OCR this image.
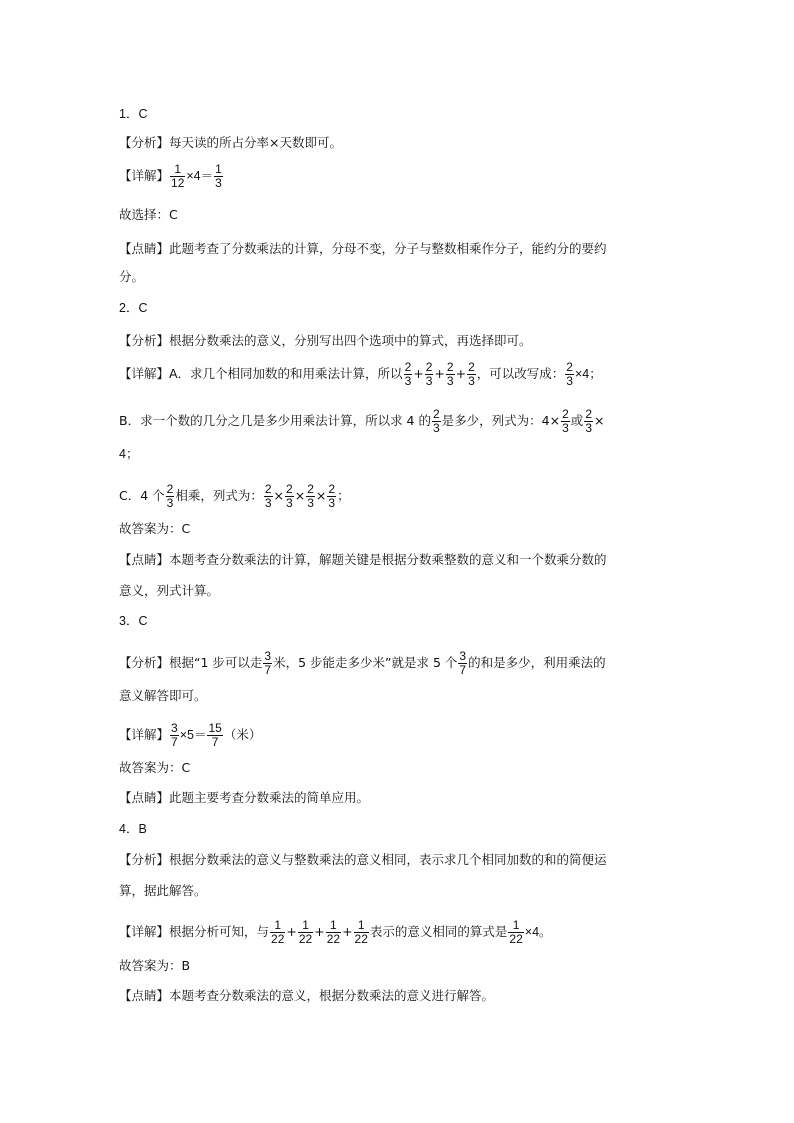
1．C
【分析】每天读的所占分率×天数即可。
【详解】 $\frac{1}{12} \times 4= \frac{1}{3}$
故选择：C
【点睛】此题考查了分数乘法的计算，分母不变，分子与整数相乘作分子，能约分的要约
分。
2．C
【分析】根据分数乘法的意义，分别写出四个选项中的算式，再选择即可。
【详解】A．求几个相同加数的和用乘法计算，所以 $\frac{2}{3} + \frac{2}{3} + \frac{2}{3} + \frac{2}{3}$ ，可以改写成： $\frac{2}{3} \times 4$；
B．求一个数的几分之几是多少用乘法计算，所以求 4 的 $\frac{2}{3}$ 是多少，列式为：$4\times \frac{2}{3}$ 或 $\frac{2}{3}$ ×
4；
C．4 个 $\frac{2}{3}$ 相乘，列式为： $\frac{2}{3} \times \frac{2}{3} \times \frac{2}{3} \times \frac{2}{3}$ ；
故答案为：C
【点睛】本题考查分数乘法的计算，解题关键是根据分数乘整数的意义和一个数乘分数的
意义，列式计算。
3．C
【分析】根据“1 步可以走 $\frac{3}{7}$ 米，5 步能走多少米”就是求 5 个 $\frac{3}{7}$ 的和是多少，利用乘法的
意义解答即可。
【详解】 $\frac{3}{7} \times 5= \frac{15}{7}$ （米）
故答案为：C
【点睛】此题主要考查分数乘法的简单应用。
4．B
【分析】根据分数乘法的意义与整数乘法的意义相同，表示求几个相同加数的和的简便运
算，据此解答。
【详解】根据分析可知，与 $\frac{1}{22} + \frac{1}{22} + \frac{1}{22} + \frac{1}{22}$ 表示的意义相同的算式是 $\frac{1}{22} \times 4$。
故答案为：B
【点睛】本题考查分数乘法的意义，根据分数乘法的意义进行解答。
